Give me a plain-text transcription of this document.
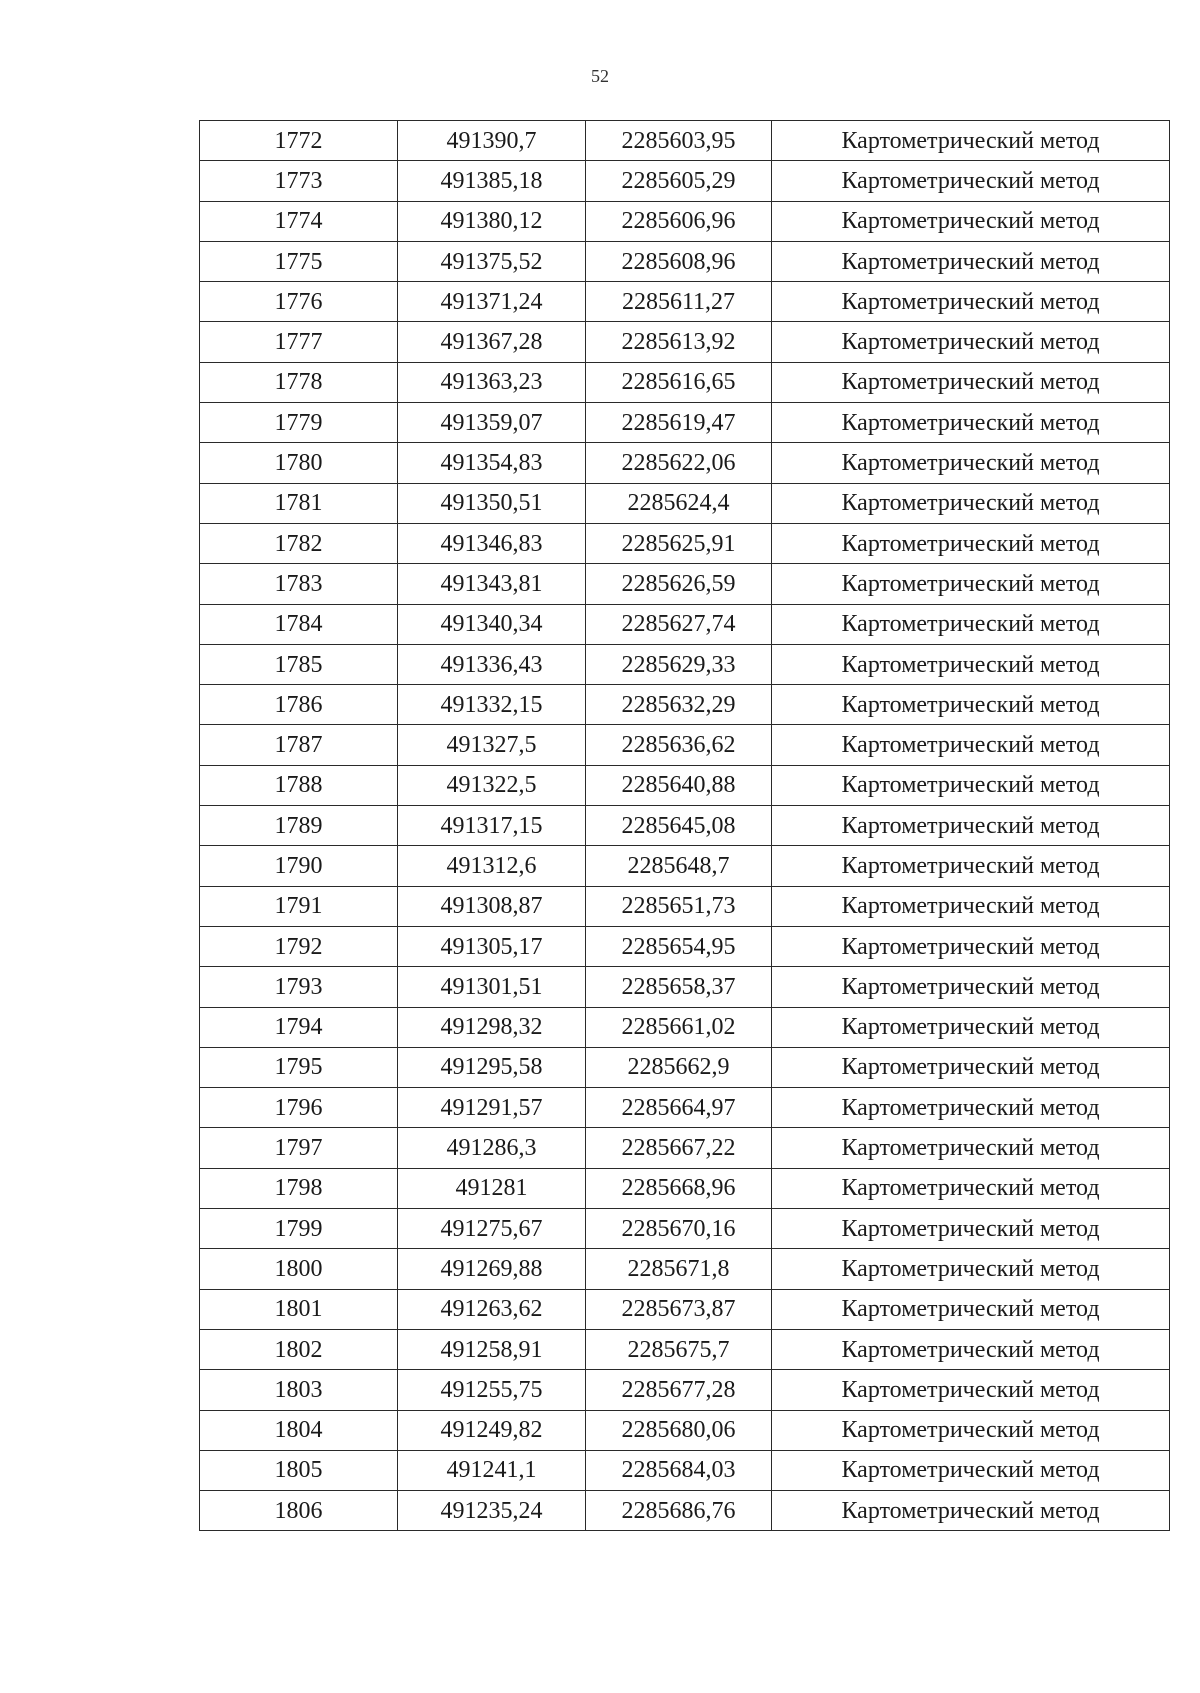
52
1772	491390,7	2285603,95	Картометрический метод
1773	491385,18	2285605,29	Картометрический метод
1774	491380,12	2285606,96	Картометрический метод
1775	491375,52	2285608,96	Картометрический метод
1776	491371,24	2285611,27	Картометрический метод
1777	491367,28	2285613,92	Картометрический метод
1778	491363,23	2285616,65	Картометрический метод
1779	491359,07	2285619,47	Картометрический метод
1780	491354,83	2285622,06	Картометрический метод
1781	491350,51	2285624,4	Картометрический метод
1782	491346,83	2285625,91	Картометрический метод
1783	491343,81	2285626,59	Картометрический метод
1784	491340,34	2285627,74	Картометрический метод
1785	491336,43	2285629,33	Картометрический метод
1786	491332,15	2285632,29	Картометрический метод
1787	491327,5	2285636,62	Картометрический метод
1788	491322,5	2285640,88	Картометрический метод
1789	491317,15	2285645,08	Картометрический метод
1790	491312,6	2285648,7	Картометрический метод
1791	491308,87	2285651,73	Картометрический метод
1792	491305,17	2285654,95	Картометрический метод
1793	491301,51	2285658,37	Картометрический метод
1794	491298,32	2285661,02	Картометрический метод
1795	491295,58	2285662,9	Картометрический метод
1796	491291,57	2285664,97	Картометрический метод
1797	491286,3	2285667,22	Картометрический метод
1798	491281	2285668,96	Картометрический метод
1799	491275,67	2285670,16	Картометрический метод
1800	491269,88	2285671,8	Картометрический метод
1801	491263,62	2285673,87	Картометрический метод
1802	491258,91	2285675,7	Картометрический метод
1803	491255,75	2285677,28	Картометрический метод
1804	491249,82	2285680,06	Картометрический метод
1805	491241,1	2285684,03	Картометрический метод
1806	491235,24	2285686,76	Картометрический метод
